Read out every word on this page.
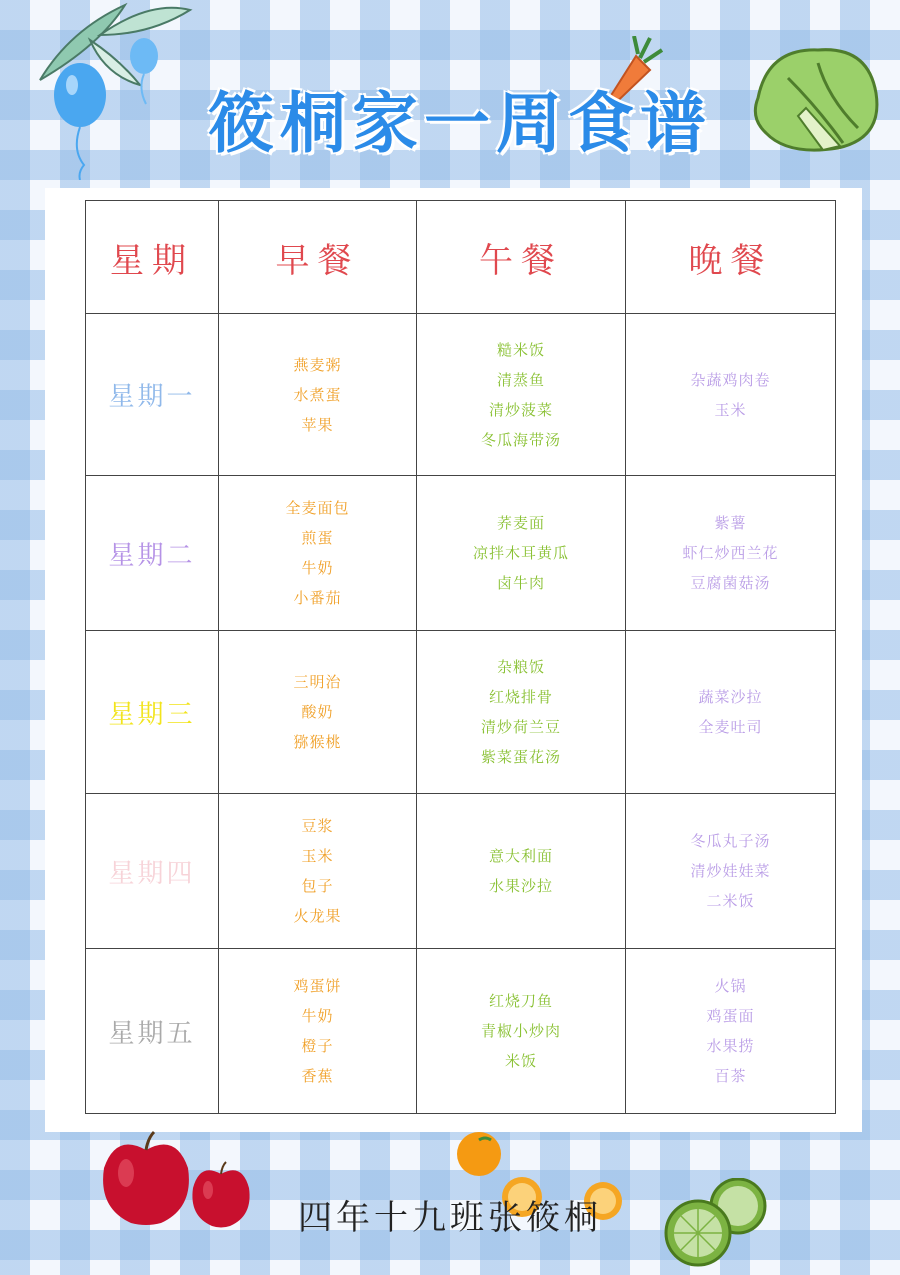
筱桐家一周食谱
星期	早餐	午餐	晚餐
星期一	燕麦粥
水煮蛋
苹果	糙米饭
清蒸鱼
清炒菠菜
冬瓜海带汤	杂蔬鸡肉卷
玉米

星期二	全麦面包
煎蛋
牛奶
小番茄	荞麦面
凉拌木耳黄瓜
卤牛肉	紫薯
虾仁炒西兰花
豆腐菌菇汤

星期三	三明治
酸奶
猕猴桃	杂粮饭
红烧排骨
清炒荷兰豆
紫菜蛋花汤	蔬菜沙拉
全麦吐司

星期四	豆浆
玉米
包子
火龙果	意大利面
水果沙拉	冬瓜丸子汤
清炒娃娃菜
二米饭

星期五	鸡蛋饼
牛奶
橙子
香蕉	红烧刀鱼
青椒小炒肉
米饭	火锅
鸡蛋面
水果捞
百茶
四年十九班张筱桐
